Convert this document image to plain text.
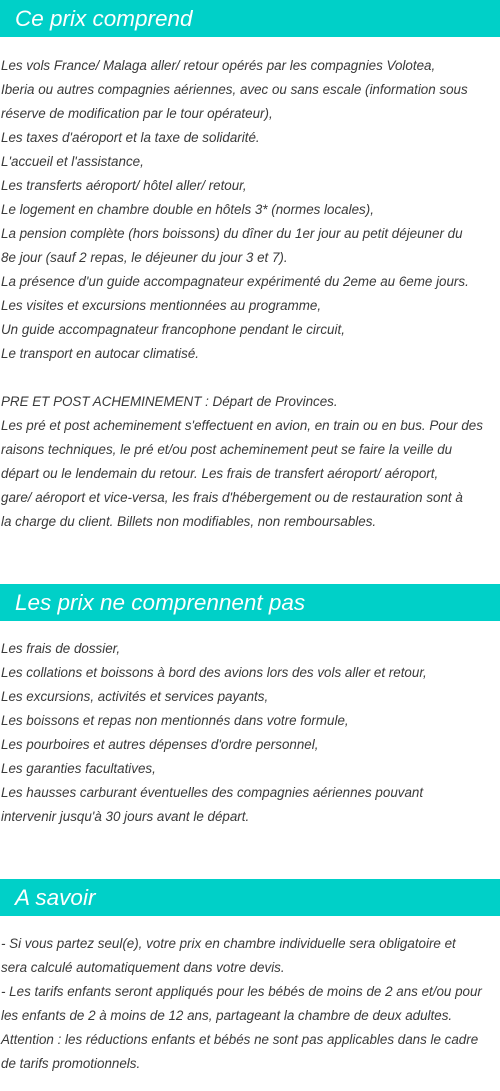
Ce prix comprend
Les vols France/ Malaga aller/ retour opérés par les compagnies Volotea,
Iberia ou autres compagnies aériennes, avec ou sans escale (information sous
réserve de modification par le tour opérateur),
Les taxes d'aéroport et la taxe de solidarité.
L'accueil et l'assistance,
Les transferts aéroport/ hôtel aller/ retour,
Le logement en chambre double en hôtels 3* (normes locales),
La pension complète (hors boissons) du dîner du 1er jour au petit déjeuner du
8e jour (sauf 2 repas, le déjeuner du jour 3 et 7).
La présence d'un guide accompagnateur expérimenté du 2eme au 6eme jours.
Les visites et excursions mentionnées au programme,
Un guide accompagnateur francophone pendant le circuit,
Le transport en autocar climatisé.
PRE ET POST ACHEMINEMENT : Départ de Provinces.
Les pré et post acheminement s'effectuent en avion, en train ou en bus. Pour des
raisons techniques, le pré et/ou post acheminement peut se faire la veille du
départ ou le lendemain du retour. Les frais de transfert aéroport/ aéroport,
gare/ aéroport et vice-versa, les frais d'hébergement ou de restauration sont à
la charge du client. Billets non modifiables, non remboursables.
Les prix ne comprennent pas
Les frais de dossier,
Les collations et boissons à bord des avions lors des vols aller et retour,
Les excursions, activités et services payants,
Les boissons et repas non mentionnés dans votre formule,
Les pourboires et autres dépenses d'ordre personnel,
Les garanties facultatives,
Les hausses carburant éventuelles des compagnies aériennes pouvant
intervenir jusqu'à 30 jours avant le départ.
A savoir
- Si vous partez seul(e), votre prix en chambre individuelle sera obligatoire et
sera calculé automatiquement dans votre devis.
- Les tarifs enfants seront appliqués pour les bébés de moins de 2 ans et/ou pour
les enfants de 2 à moins de 12 ans, partageant la chambre de deux adultes.
Attention : les réductions enfants et bébés ne sont pas applicables dans le cadre
de tarifs promotionnels.
